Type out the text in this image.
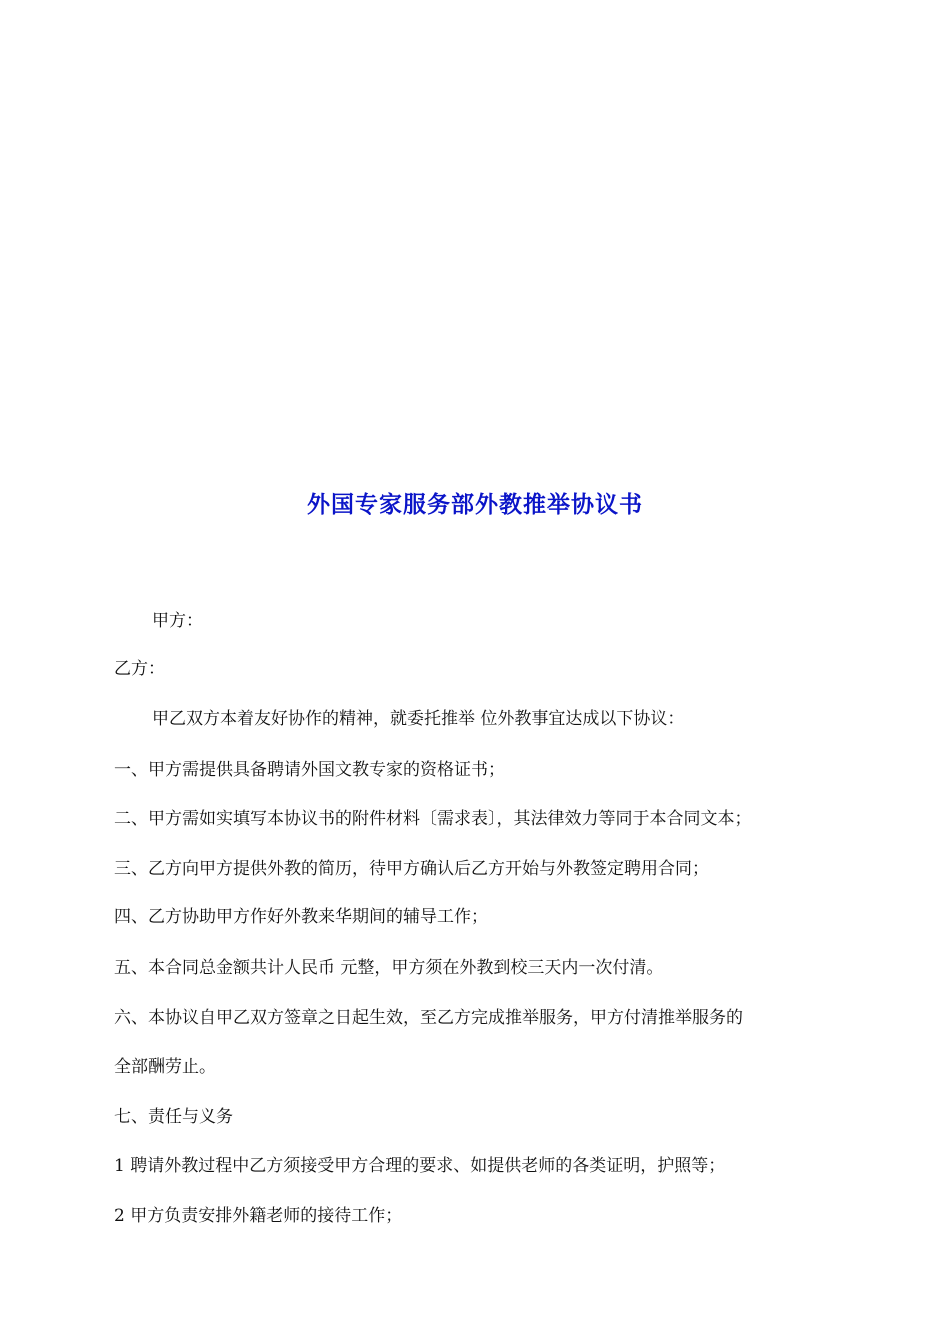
外国专家服务部外教推举协议书
甲方：
乙方：
甲乙双方本着友好协作的精神，就委托推举 位外教事宜达成以下协议：
一、甲方需提供具备聘请外国文教专家的资格证书；
二、甲方需如实填写本协议书的附件材料〔需求表〕，其法律效力等同于本合同文本；
三、乙方向甲方提供外教的简历，待甲方确认后乙方开始与外教签定聘用合同；
四、乙方协助甲方作好外教来华期间的辅导工作；
五、本合同总金额共计人民币 元整，甲方须在外教到校三天内一次付清。
六、本协议自甲乙双方签章之日起生效，至乙方完成推举服务，甲方付清推举服务的
全部酬劳止。
七、责任与义务
1 聘请外教过程中乙方须接受甲方合理的要求、如提供老师的各类证明，护照等；
2 甲方负责安排外籍老师的接待工作；
